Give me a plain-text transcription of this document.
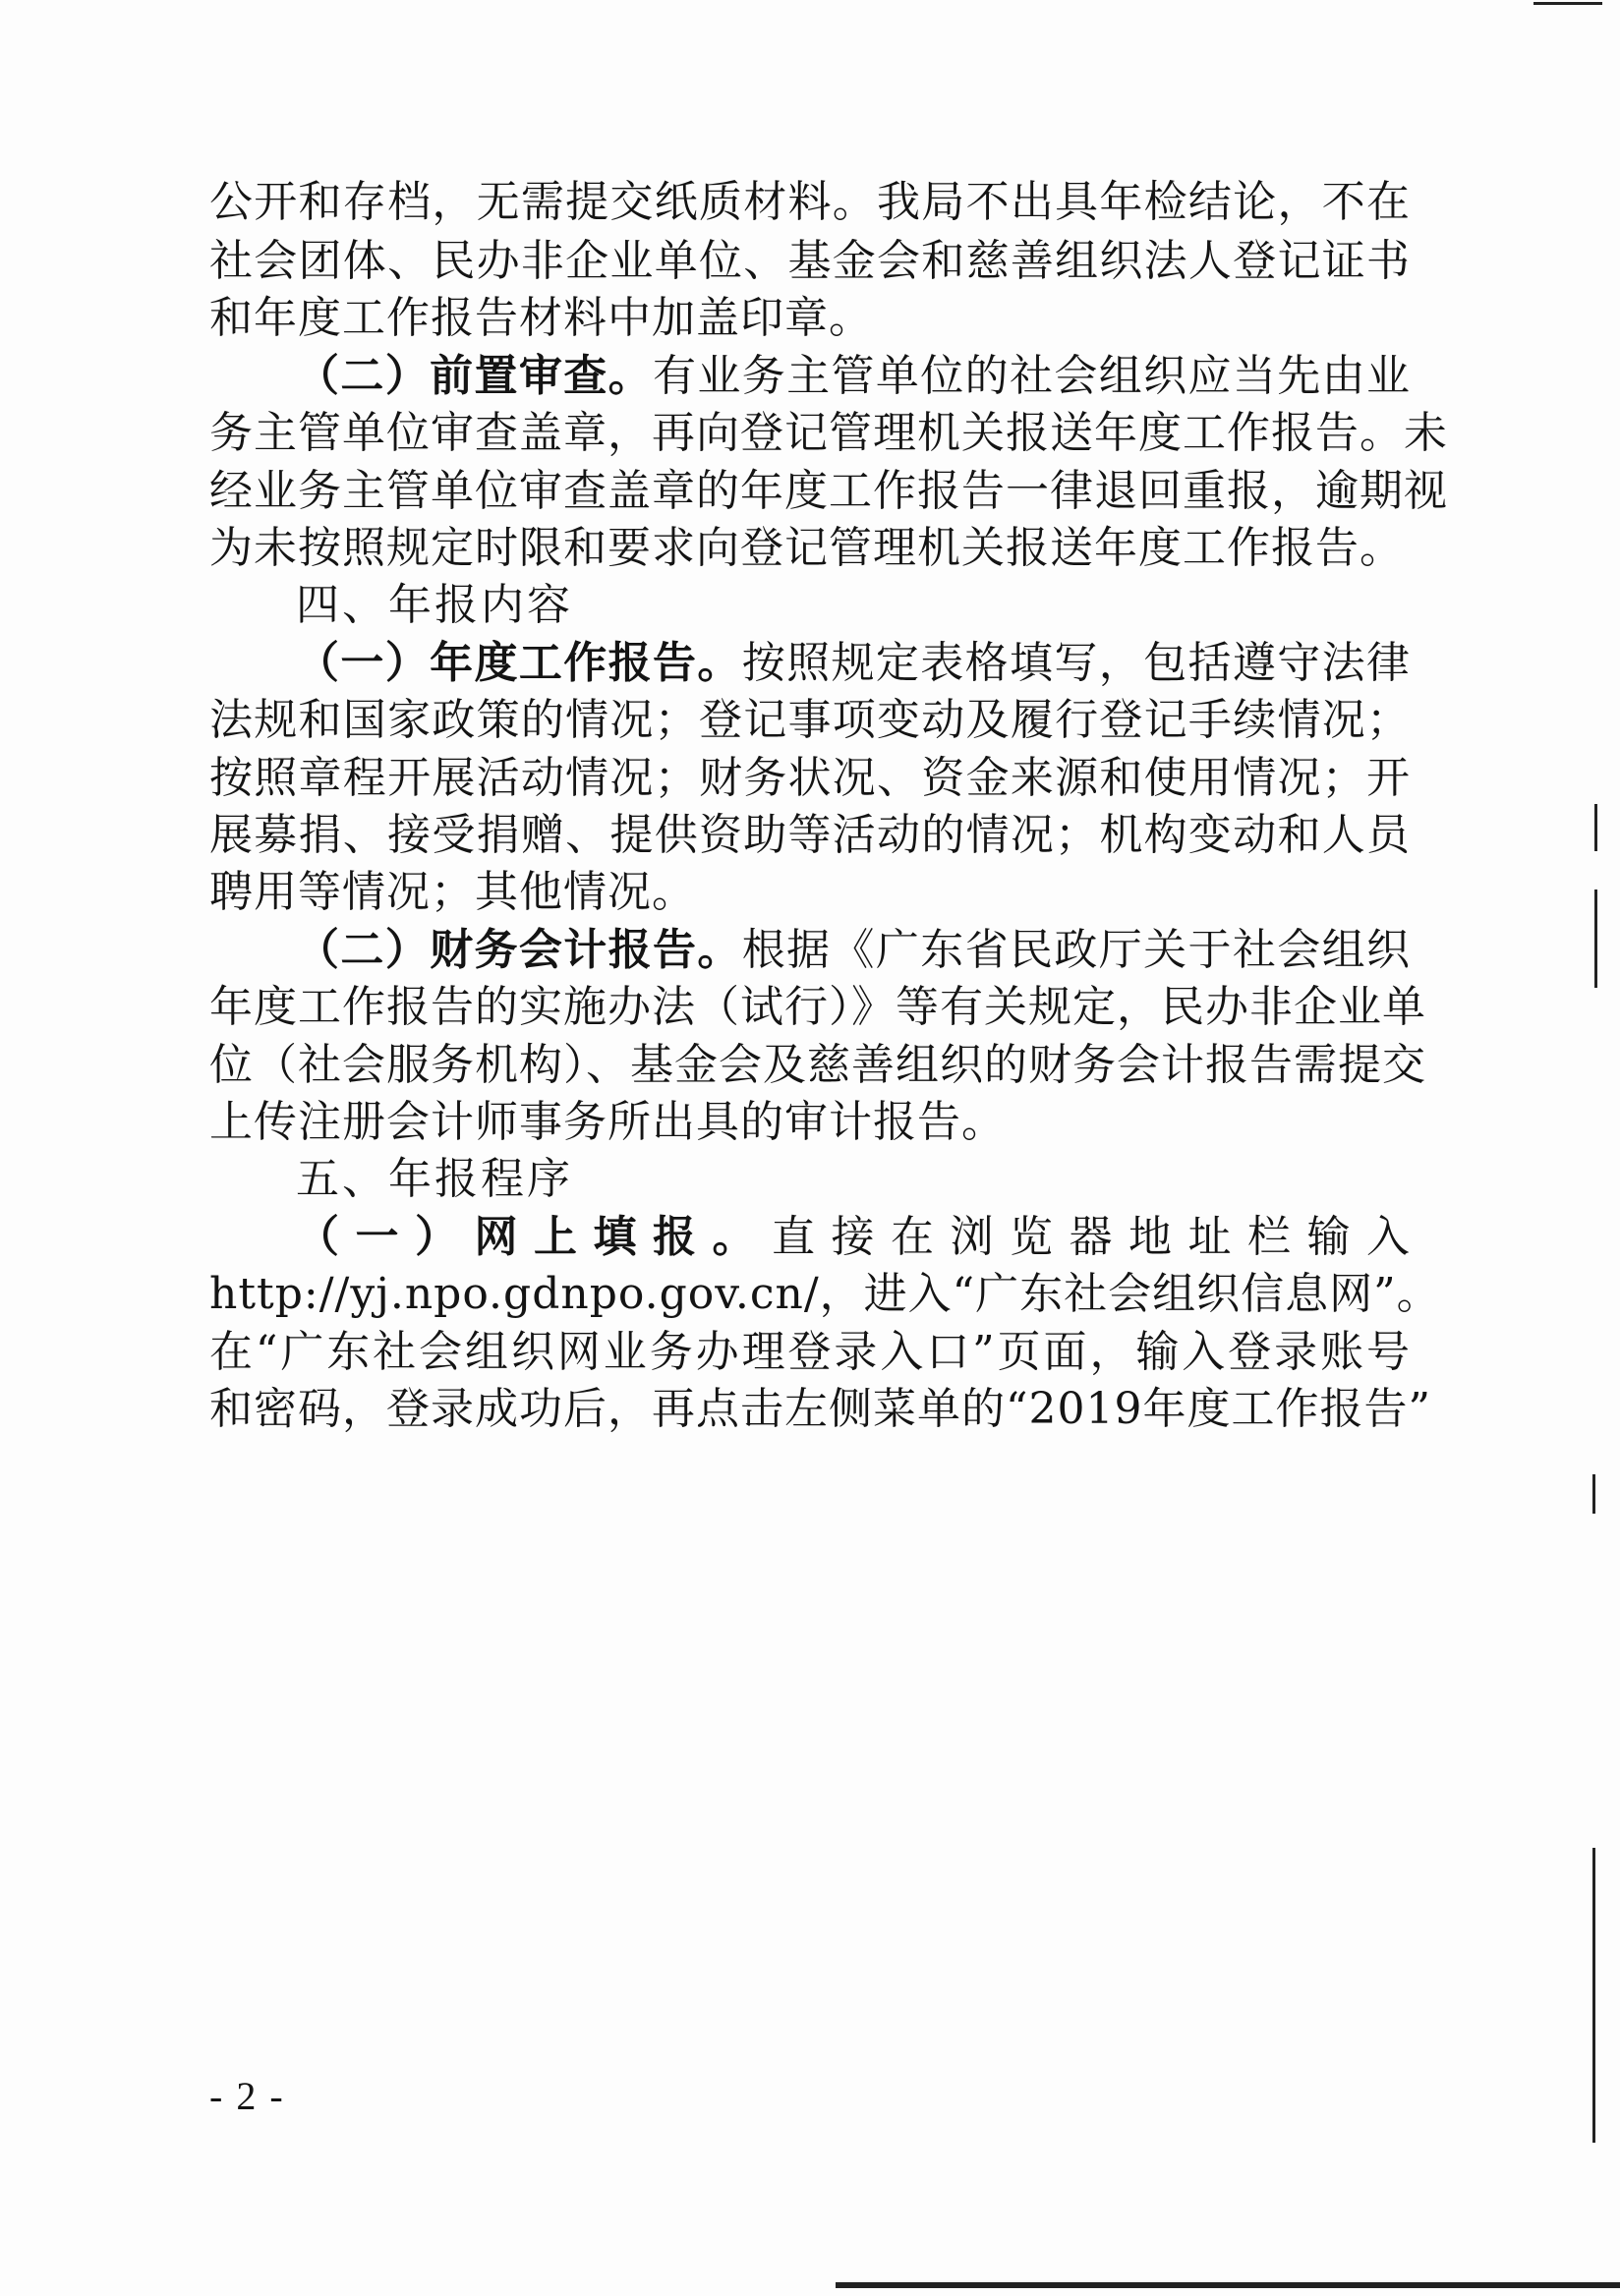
公开和存档，无需提交纸质材料。我局不出具年检结论，不在
社会团体、民办非企业单位、基金会和慈善组织法人登记证书
和年度工作报告材料中加盖印章。
（二）前置审查。有业务主管单位的社会组织应当先由业
务主管单位审查盖章，再向登记管理机关报送年度工作报告。未
经业务主管单位审查盖章的年度工作报告一律退回重报，逾期视
为未按照规定时限和要求向登记管理机关报送年度工作报告。
四、年报内容
（一）年度工作报告。按照规定表格填写，包括遵守法律
法规和国家政策的情况；登记事项变动及履行登记手续情况；
按照章程开展活动情况；财务状况、资金来源和使用情况；开
展募捐、接受捐赠、提供资助等活动的情况；机构变动和人员
聘用等情况；其他情况。
（二）财务会计报告。根据《广东省民政厅关于社会组织
年度工作报告的实施办法（试行）》等有关规定，民办非企业单
位（社会服务机构）、基金会及慈善组织的财务会计报告需提交
上传注册会计师事务所出具的审计报告。
五、年报程序
（一）网上填报。直接在浏览器地址栏输入
http://yj.npo.gdnpo.gov.cn/，进入“广东社会组织信息网”。
在“广东社会组织网业务办理登录入口”页面，输入登录账号
和密码，登录成功后，再点击左侧菜单的“2019年度工作报告”
- 2 -
